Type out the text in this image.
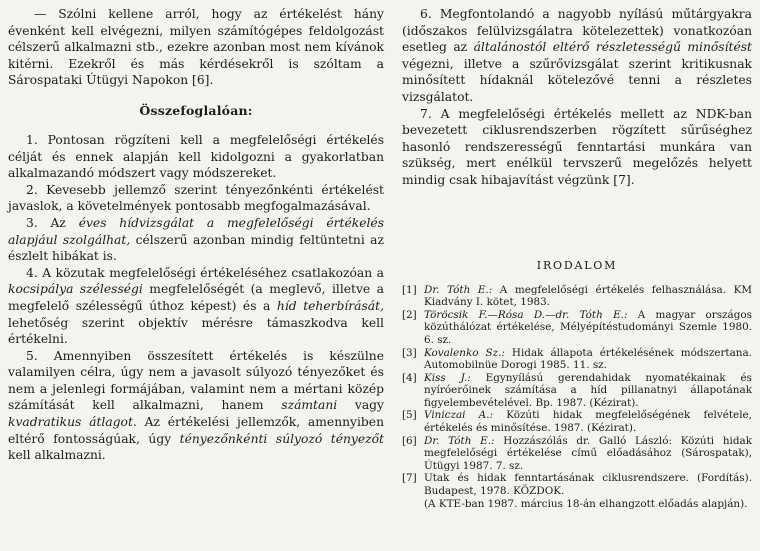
— Szólni kellene arról, hogy az értékelést hány évenként kell elvégezni, milyen számítógépes feldolgozást célszerű alkalmazni stb., ezekre azonban most nem kívánok kitérni. Ezekről és más kérdésekről is szóltam a Sárospataki Útügyi Napokon [6].

Összefoglalóan:

1. Pontosan rögzíteni kell a megfelelőségi értékelés célját és ennek alapján kell kidolgozni a gyakorlatban alkalmazandó módszert vagy módszereket.

2. Kevesebb jellemző szerint tényezőnkénti értékelést javaslok, a követelmények pontosabb megfogalmazásával.

3. Az éves hídvizsgálat a megfelelőségi értékelés alapjául szolgálhat, célszerű azonban mindig feltüntetni az észlelt hibákat is.

4. A közutak megfelelőségi értékeléséhez csatlakozóan a kocsipálya szélességi megfelelőségét (a meglevő, illetve a megfelelő szélességű úthoz képest) és a híd teherbírását, lehetőség szerint objektív mérésre támaszkodva kell értékelni.

5. Amennyiben összesített értékelés is készülne valamilyen célra, úgy nem a javasolt súlyozó tényezőket és nem a jelenlegi formájában, valamint nem a mértani közép számítását kell alkalmazni, hanem számtani vagy kvadratikus átlagot. Az értékelési jellemzők, amennyiben eltérő fontosságúak, úgy tényezőnkénti súlyozó tényezőt kell alkalmazni.

6. Megfontolandó a nagyobb nyílású műtárgyakra (időszakos felülvizsgálatra kötelezettek) vonatkozóan esetleg az általánostól eltérő részletességű minősítést végezni, illetve a szűrővizsgálat szerint kritikusnak minősített hídaknál kötelezővé tenni a részletes vizsgálatot.

7. A megfelelőségi értékelés mellett az NDK-ban bevezetett ciklusrendszerben rögzített sűrűséghez hasonló rendszerességű fenntartási munkára van szükség, mert enélkül tervszerű megelőzés helyett mindig csak hibajavítást végzünk [7].

IRODALOM
[1] Dr. Tóth E.: A megfelelőségi értékelés felhasználása. KM Kiadvány I. kötet, 1983.
[2] Töröcsik F.—Rósa D.—dr. Tóth E.: A magyar országos közúthálózat értékelése, Mélyépítéstudományi Szemle 1980. 6. sz.
[3] Kovalenko Sz.: Hidak állapota értékelésének módszertana. Automobilnüe Dorogi 1985. 11. sz.
[4] Kiss J.: Egynyílású gerendahidak nyomatékainak és nyíróerőinek számítása a híd pillanatnyi állapotának figyelembevételével. Bp. 1987. (Kézirat).
[5] Viniczai A.: Közúti hidak megfelelőségének felvétele, értékelés és minősítése. 1987. (Kézirat).
[6] Dr. Tóth E.: Hozzászólás dr. Galló László: Közúti hidak megfelelőségi értékelése című előadásához (Sárospatak), Útügyi 1987. 7. sz.
[7] Utak és hidak fenntartásának ciklusrendszere. (Fordítás). Budapest, 1978. KÖZDOK.
(A KTE-ban 1987. március 18-án elhangzott előadás alapján).
